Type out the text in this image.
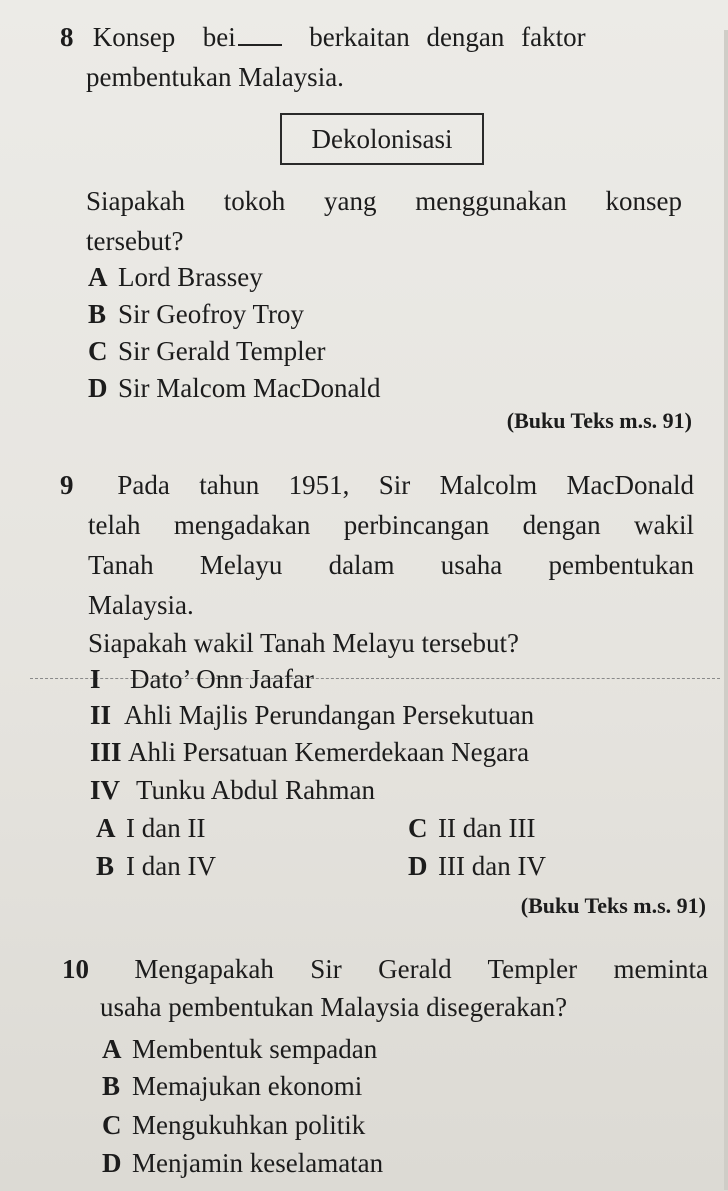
8 Konsep bei	berkaitan dengan faktor
pembentukan Malaysia.
Dekolonisasi
Siapakah tokoh yang menggunakan konsep
tersebut?
A Lord Brassey
B Sir Geofroy Troy
C Sir Gerald Templer
D Sir Malcom MacDonald
(Buku Teks m.s. 91)
9 Pada tahun 1951, Sir Malcolm MacDonald
telah mengadakan perbincangan dengan wakil
Tanah Melayu dalam usaha pembentukan
Malaysia.
Siapakah wakil Tanah Melayu tersebut?
I Dato’ Onn Jaafar
II Ahli Majlis Perundangan Persekutuan
III Ahli Persatuan Kemerdekaan Negara
IV Tunku Abdul Rahman
A I dan II	C II dan III
B I dan IV	D III dan IV
(Buku Teks m.s. 91)
10 Mengapakah Sir Gerald Templer meminta
usaha pembentukan Malaysia disegerakan?
A Membentuk sempadan
B Memajukan ekonomi
C Mengukuhkan politik
D Menjamin keselamatan
